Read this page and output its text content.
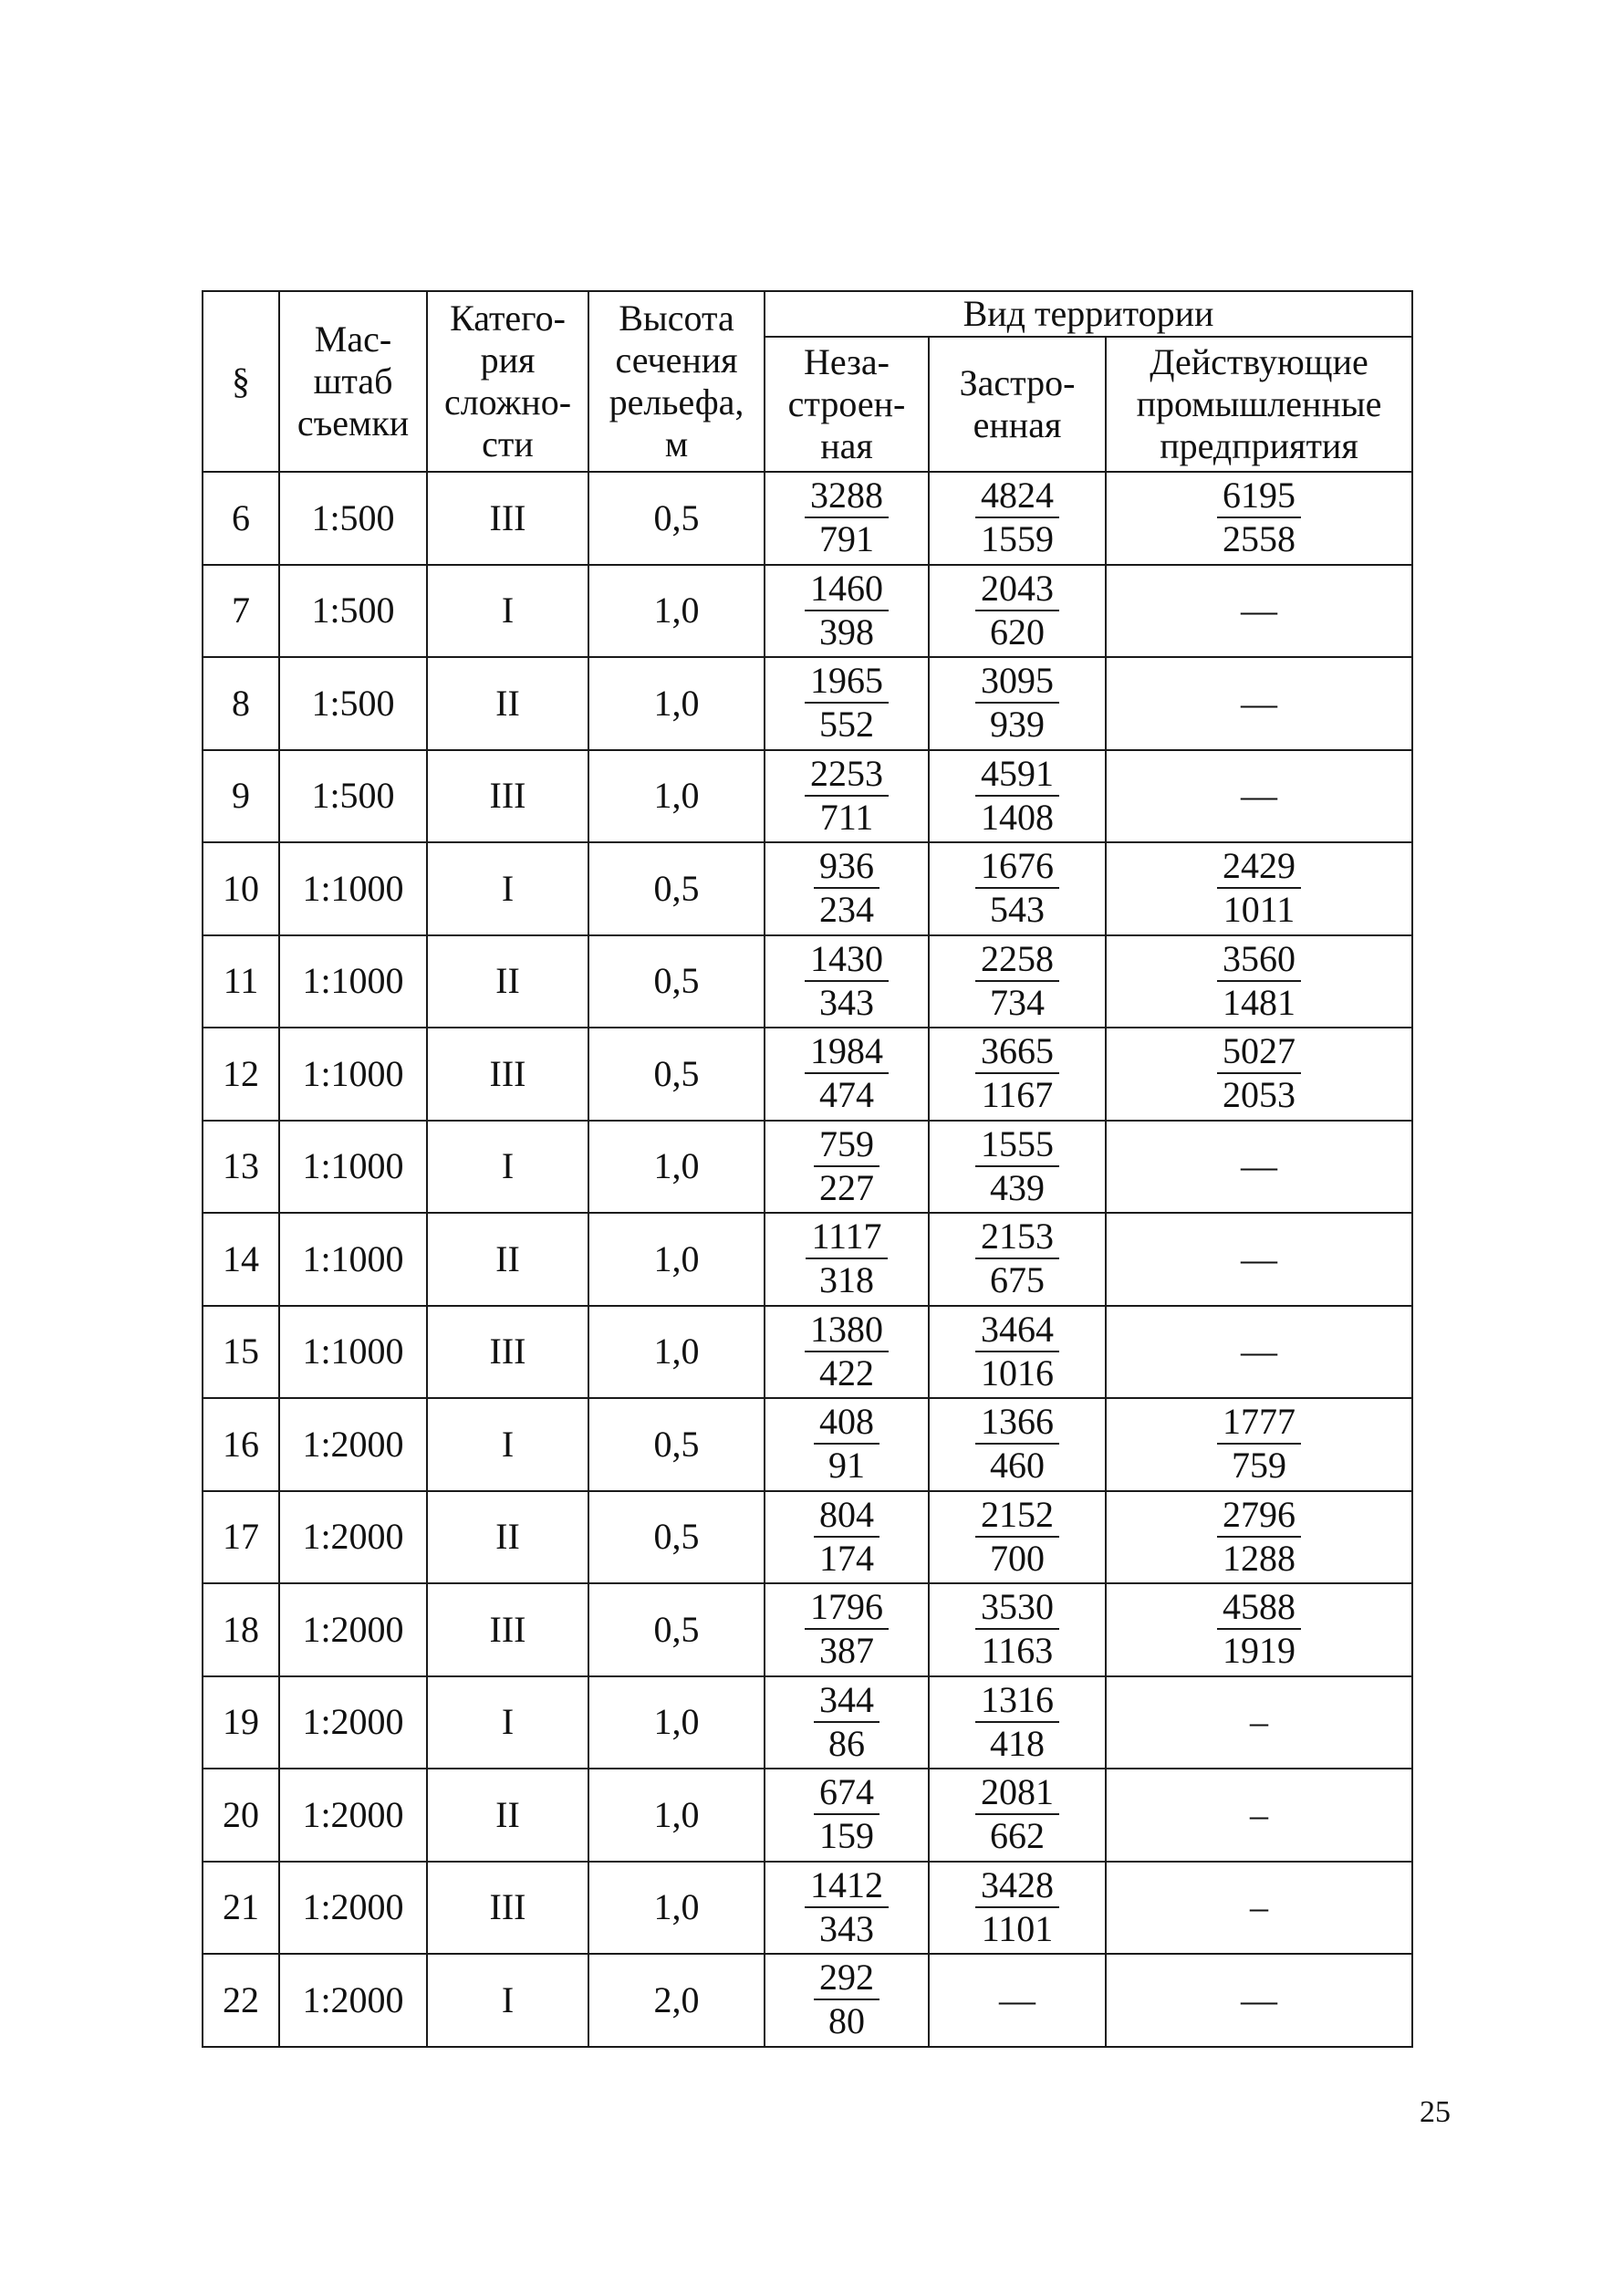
§	Мас-
штаб
съемки	Катего-
рия
сложно-
сти	Высота
сечения
рельефа,
м	Вид территории		
				Неза-
строен-
ная	Застро-
енная	Действующие
промышленные
предприятия
6	1:500	III	0,5	$\frac{3288}{791}$	$\frac{4824}{1559}$	$\frac{6195}{2558}$

7	1:500	I	1,0	$\frac{1460}{398}$	$\frac{2043}{620}$	—
8	1:500	II	1,0	$\frac{1965}{552}$	$\frac{3095}{939}$	—
9	1:500	III	1,0	$\frac{2253}{711}$	$\frac{4591}{1408}$	—
10	1:1000	I	0,5	$\frac{936}{234}$	$\frac{1676}{543}$	$\frac{2429}{1011}$

11	1:1000	II	0,5	$\frac{1430}{343}$	$\frac{2258}{734}$	$\frac{3560}{1481}$

12	1:1000	III	0,5	$\frac{1984}{474}$	$\frac{3665}{1167}$	$\frac{5027}{2053}$

13	1:1000	I	1,0	$\frac{759}{227}$	$\frac{1555}{439}$	—
14	1:1000	II	1,0	$\frac{1117}{318}$	$\frac{2153}{675}$	—
15	1:1000	III	1,0	$\frac{1380}{422}$	$\frac{3464}{1016}$	—
16	1:2000	I	0,5	$\frac{408}{91}$	$\frac{1366}{460}$	$\frac{1777}{759}$

17	1:2000	II	0,5	$\frac{804}{174}$	$\frac{2152}{700}$	$\frac{2796}{1288}$

18	1:2000	III	0,5	$\frac{1796}{387}$	$\frac{3530}{1163}$	$\frac{4588}{1919}$

19	1:2000	I	1,0	$\frac{344}{86}$	$\frac{1316}{418}$	–
20	1:2000	II	1,0	$\frac{674}{159}$	$\frac{2081}{662}$	–
21	1:2000	III	1,0	$\frac{1412}{343}$	$\frac{3428}{1101}$	–
22	1:2000	I	2,0	$\frac{292}{80}$	—	—
25
